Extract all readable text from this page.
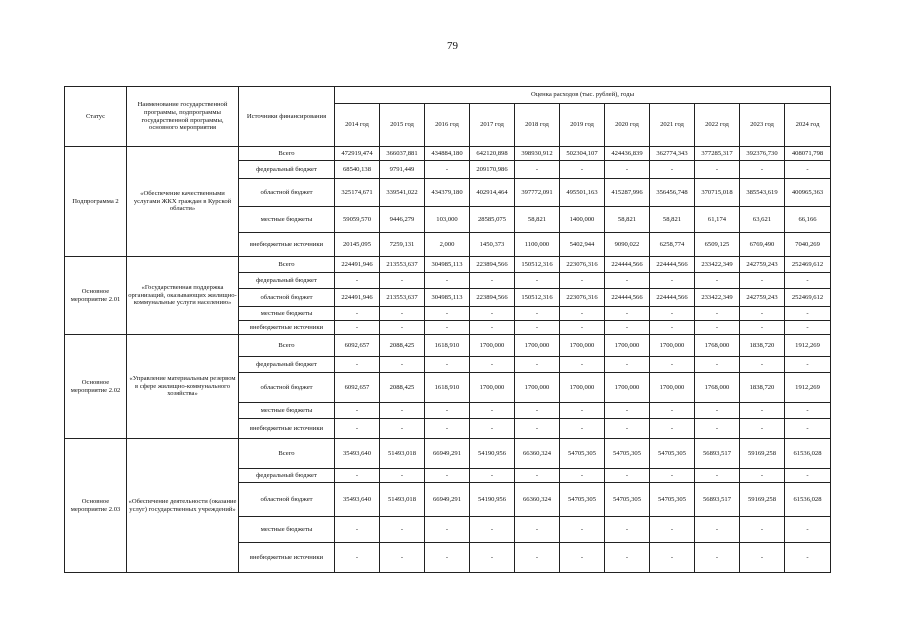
79
Статус	Наименование государственной программы, подпрограммы государственной программы, основного мероприятия	Источники финансирования	Оценка расходов (тыс. рублей), годы										
			2014 год	2015 год	2016 год	2017 год	2018 год	2019 год	2020 год	2021 год	2022 год	2023 год	2024 год
Подпрограмма 2	«Обеспечение качественными услугами ЖКХ граждан в Курской области»	Всего	472919,474	366037,881	434884,180	642120,898	398930,912	502304,107	424436,839	362774,343	377285,317	392376,730	408071,798
		федеральный бюджет	68540,138	9791,449	-	209170,986	-	-	-	-	-	-	-
		областной бюджет	325174,671	339541,022	434379,180	402914,464	397772,091	495501,163	415287,996	356456,748	370715,018	385543,619	400965,363
		местные бюджеты	59059,570	9446,279	103,000	28585,075	58,821	1400,000	58,821	58,821	61,174	63,621	66,166
		внебюджетные источники	20145,095	7259,131	2,000	1450,373	1100,000	5402,944	9090,022	6258,774	6509,125	6769,490	7040,269
Основное мероприятие 2.01	«Государственная поддержка организаций, оказывающих жилищно-коммунальные услуги населению»	Всего	224491,946	213553,637	304985,113	223894,566	150512,316	223076,316	224444,566	224444,566	233422,349	242759,243	252469,612
		федеральный бюджет	-	-	-	-	-	-	-	-	-	-	-
		областной бюджет	224491,946	213553,637	304985,113	223894,566	150512,316	223076,316	224444,566	224444,566	233422,349	242759,243	252469,612
		местные бюджеты	-	-	-	-	-	-	-	-	-	-	-
		внебюджетные источники	-	-	-	-	-	-	-	-	-	-	-
Основное мероприятие 2.02	«Управление материальным резервом в сфере жилищно-коммунального хозяйства»	Всего	6092,657	2088,425	1618,910	1700,000	1700,000	1700,000	1700,000	1700,000	1768,000	1838,720	1912,269
		федеральный бюджет	-	-	-	-	-	-	-	-	-	-	-
		областной бюджет	6092,657	2088,425	1618,910	1700,000	1700,000	1700,000	1700,000	1700,000	1768,000	1838,720	1912,269
		местные бюджеты	-	-	-	-	-	-	-	-	-	-	-
		внебюджетные источники	-	-	-	-	-	-	-	-	-	-	-
Основное мероприятие 2.03	«Обеспечение деятельности (оказание услуг) государственных учреждений»	Всего	35493,640	51493,018	66949,291	54190,956	66360,324	54705,305	54705,305	54705,305	56893,517	59169,258	61536,028
		федеральный бюджет	-	-	-	-	-	-	-	-	-	-	-
		областной бюджет	35493,640	51493,018	66949,291	54190,956	66360,324	54705,305	54705,305	54705,305	56893,517	59169,258	61536,028
		местные бюджеты	-	-	-	-	-	-	-	-	-	-	-
		внебюджетные источники	-	-	-	-	-	-	-	-	-	-	-
